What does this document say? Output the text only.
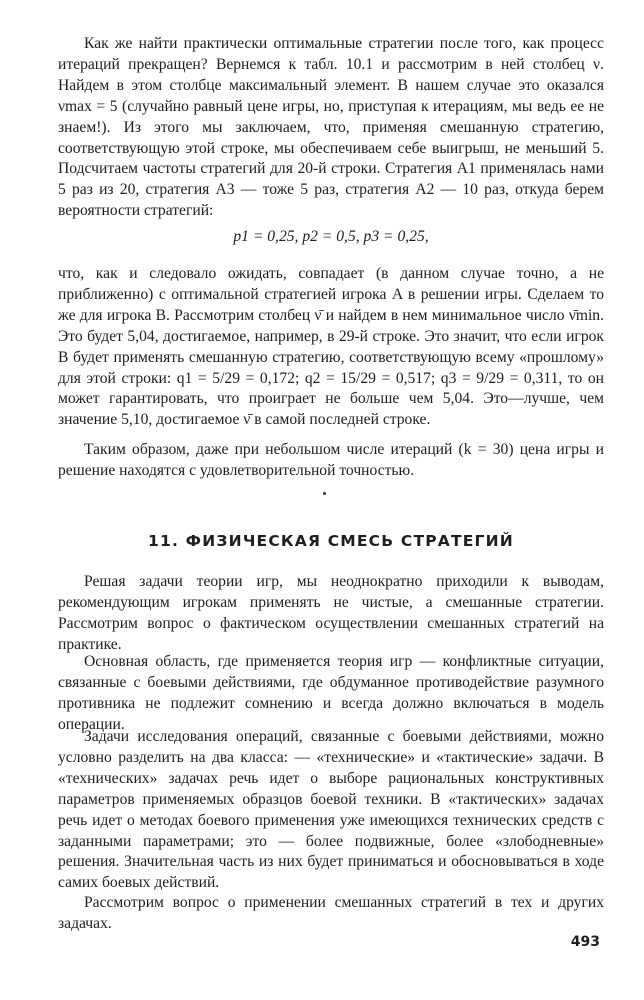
Как же найти практически оптимальные стратегии после того, как процесс итераций прекращен? Вернемся к табл. 10.1 и рассмотрим в ней столбец ν. Найдем в этом столбце максимальный элемент. В нашем случае это оказался νmax = 5 (случайно равный цене игры, но, приступая к итерациям, мы ведь ее не знаем!). Из этого мы заключаем, что, применяя смешанную стратегию, соответствующую этой строке, мы обеспечиваем себе выигрыш, не меньший 5. Подсчитаем частоты стратегий для 20-й строки. Стратегия A1 применялась нами 5 раз из 20, стратегия A3 — тоже 5 раз, стратегия A2 — 10 раз, откуда берем вероятности стратегий:

p1 = 0,25, p2 = 0,5, p3 = 0,25,

что, как и следовало ожидать, совпадает (в данном случае точно, а не приближенно) с оптимальной стратегией игрока A в решении игры. Сделаем то же для игрока B. Рассмотрим столбец ν̄ и найдем в нем минимальное число ν̄min. Это будет 5,04, достигаемое, например, в 29-й строке. Это значит, что если игрок B будет применять смешанную стратегию, соответствующую всему «прошлому» для этой строки: q1 = 5/29 = 0,172; q2 = 15/29 = 0,517; q3 = 9/29 = 0,311, то он может гарантировать, что проиграет не больше чем 5,04. Это—лучше, чем значение 5,10, достигаемое ν̄ в самой последней строке.

Таким образом, даже при небольшом числе итераций (k = 30) цена игры и решение находятся с удовлетворительной точностью.

11. ФИЗИЧЕСКАЯ СМЕСЬ СТРАТЕГИЙ

Решая задачи теории игр, мы неоднократно приходили к выводам, рекомендующим игрокам применять не чистые, а смешанные стратегии. Рассмотрим вопрос о фактическом осуществлении смешанных стратегий на практике.

Основная область, где применяется теория игр — конфликтные ситуации, связанные с боевыми действиями, где обдуманное противодействие разумного противника не подлежит сомнению и всегда должно включаться в модель операции.

Задачи исследования операций, связанные с боевыми действиями, можно условно разделить на два класса: — «технические» и «тактические» задачи. В «технических» задачах речь идет о выборе рациональных конструктивных параметров применяемых образцов боевой техники. В «тактических» задачах речь идет о методах боевого применения уже имеющихся технических средств с заданными параметрами; это — более подвижные, более «злободневные» решения. Значительная часть из них будет приниматься и обосновываться в ходе самих боевых действий.

Рассмотрим вопрос о применении смешанных стратегий в тех и других задачах.

493
